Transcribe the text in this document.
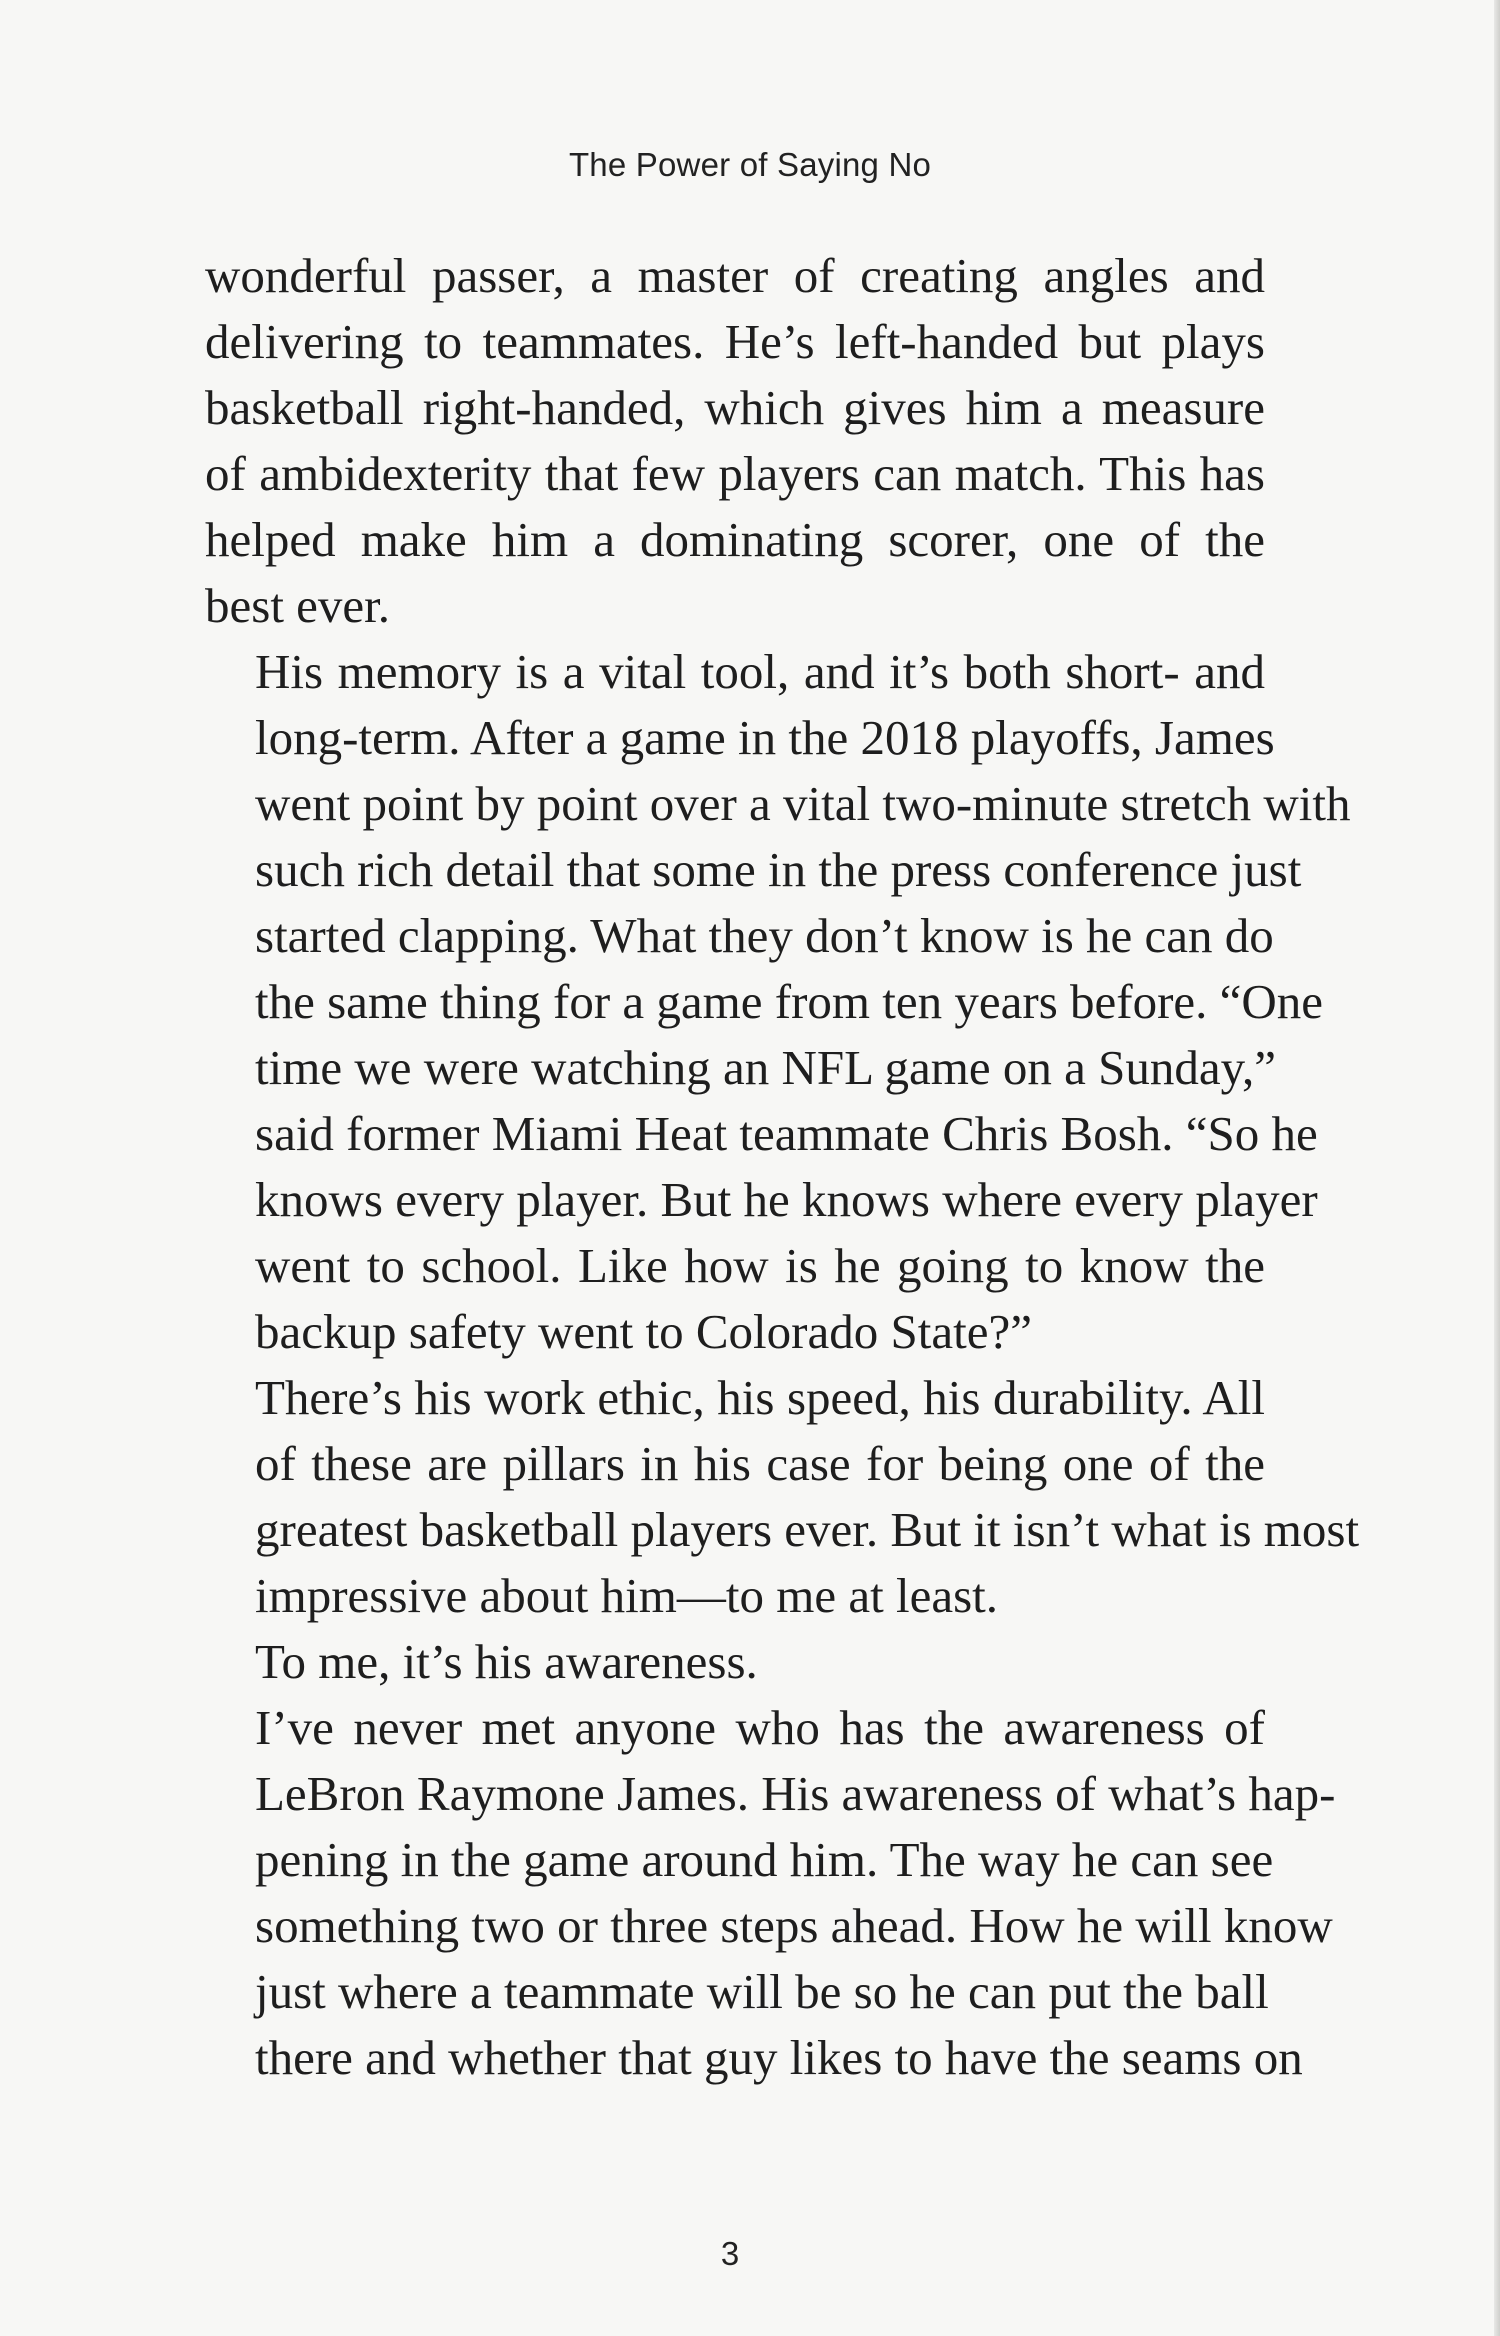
The Power of Saying No

wonderful passer, a master of creating angles and
delivering to teammates. He’s left-handed but plays
basketball right-handed, which gives him a measure
of ambidexterity that few players can match. This has
helped make him a dominating scorer, one of the
best ever.

His memory is a vital tool, and it’s both short- and
long-term. After a game in the 2018 playoffs, James
went point by point over a vital two-minute stretch with
such rich detail that some in the press conference just
started clapping. What they don’t know is he can do
the same thing for a game from ten years before. “One
time we were watching an NFL game on a Sunday,”
said former Miami Heat teammate Chris Bosh. “So he
knows every player. But he knows where every player
went to school. Like how is he going to know the
backup safety went to Colorado State?”

There’s his work ethic, his speed, his durability. All
of these are pillars in his case for being one of the
greatest basketball players ever. But it isn’t what is most
impressive about him—to me at least.

To me, it’s his awareness.

I’ve never met anyone who has the awareness of
LeBron Raymone James. His awareness of what’s hap-
pening in the game around him. The way he can see
something two or three steps ahead. How he will know
just where a teammate will be so he can put the ball
there and whether that guy likes to have the seams on

3
